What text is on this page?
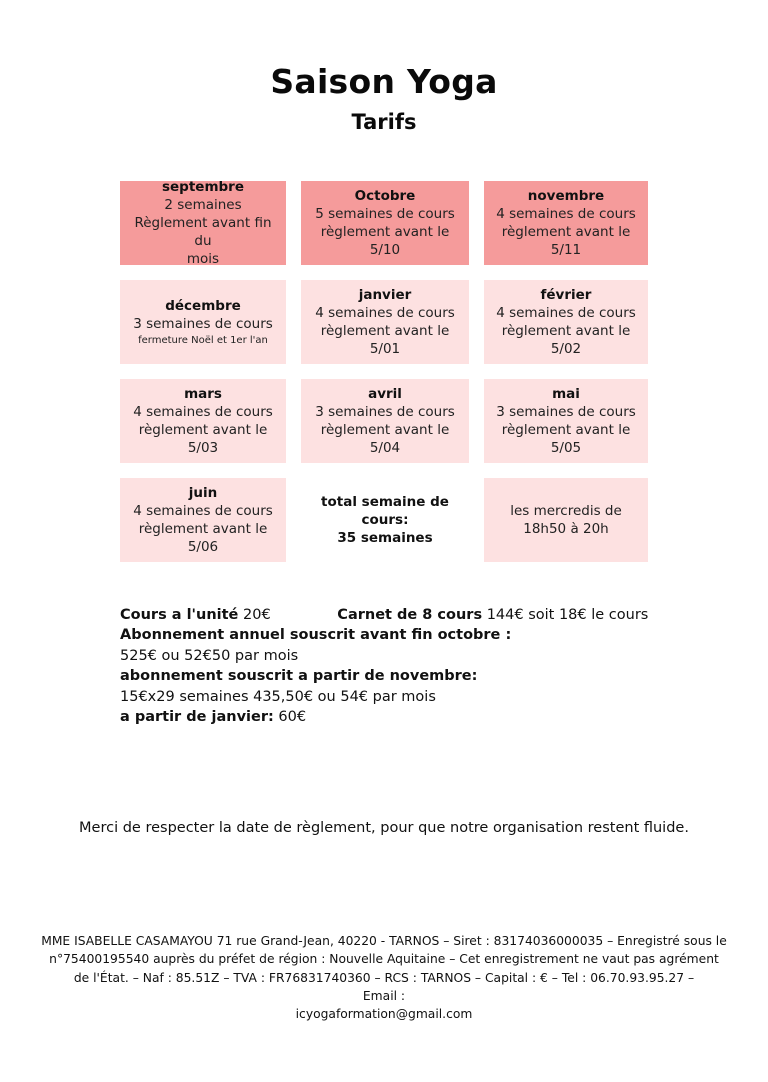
Saison Yoga
Tarifs
septembre
2 semaines
Règlement avant fin du
mois
Octobre
5 semaines de cours
règlement avant le 5/10
novembre
4 semaines de cours
règlement avant le 5/11
décembre
3 semaines de cours
fermeture Noël et 1er l'an
janvier
4 semaines de cours
règlement avant le 5/01
février
4 semaines de cours
règlement avant le 5/02
mars
4 semaines de cours
règlement avant le 5/03
avril
3 semaines de cours
règlement avant le 5/04
mai
3 semaines de cours
règlement avant le 5/05
juin
4 semaines de cours
règlement avant le 5/06
total semaine de cours:
35 semaines
les mercredis de
18h50 à 20h
Cours a l'unité 20€	Carnet de 8 cours 144€ soit 18€ le cours
Abonnement annuel souscrit avant fin octobre :
525€ ou 52€50 par mois
abonnement souscrit a partir de novembre:
15€x29 semaines 435,50€ ou 54€ par mois
a partir de janvier: 60€
Merci de respecter la date de règlement, pour que notre organisation restent fluide.
MME ISABELLE CASAMAYOU 71 rue Grand-Jean, 40220 - TARNOS – Siret : 83174036000035 – Enregistré sous le
n°75400195540 auprès du préfet de région : Nouvelle Aquitaine – Cet enregistrement ne vaut pas agrément
de l'État. – Naf : 85.51Z – TVA : FR76831740360 – RCS : TARNOS – Capital : € – Tel : 06.70.93.95.27 –
Email :
icyogaformation@gmail.com
